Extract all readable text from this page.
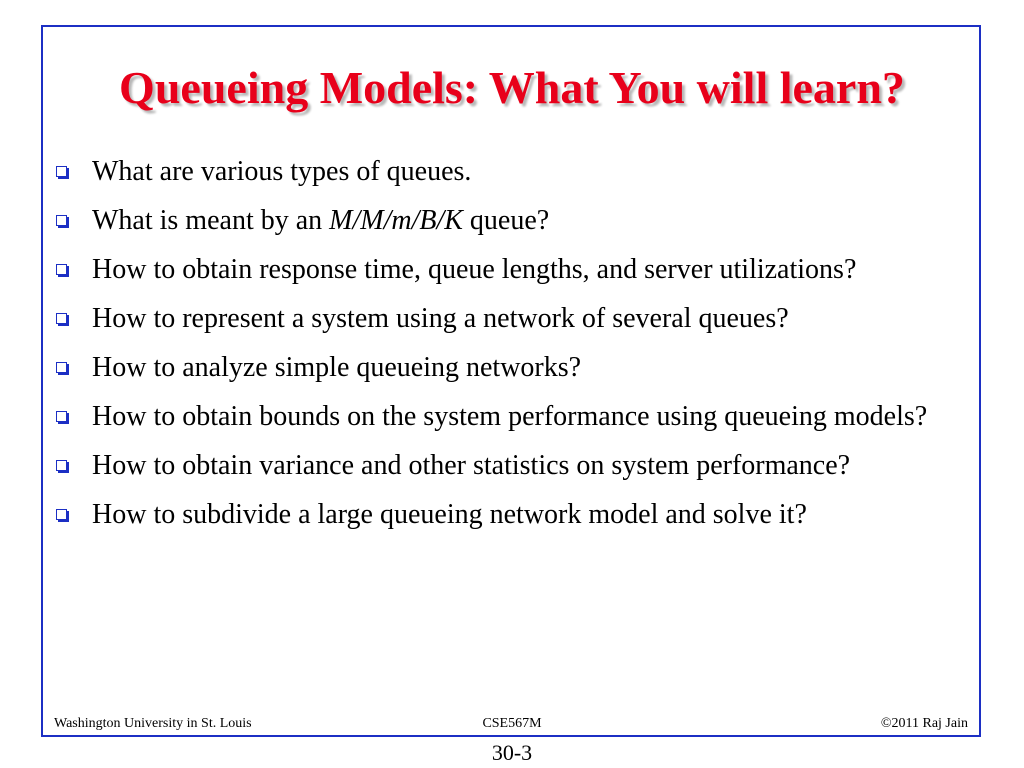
Queueing Models: What You will learn?
What are various types of queues.
What is meant by an M/M/m/B/K queue?
How to obtain response time, queue lengths, and server utilizations?
How to represent a system using a network of several queues?
How to analyze simple queueing networks?
How to obtain bounds on the system performance using queueing models?
How to obtain variance and other statistics on system performance?
How to subdivide a large queueing network model and solve it?
Washington University in St. Louis	CSE567M	©2011 Raj Jain
30-3
